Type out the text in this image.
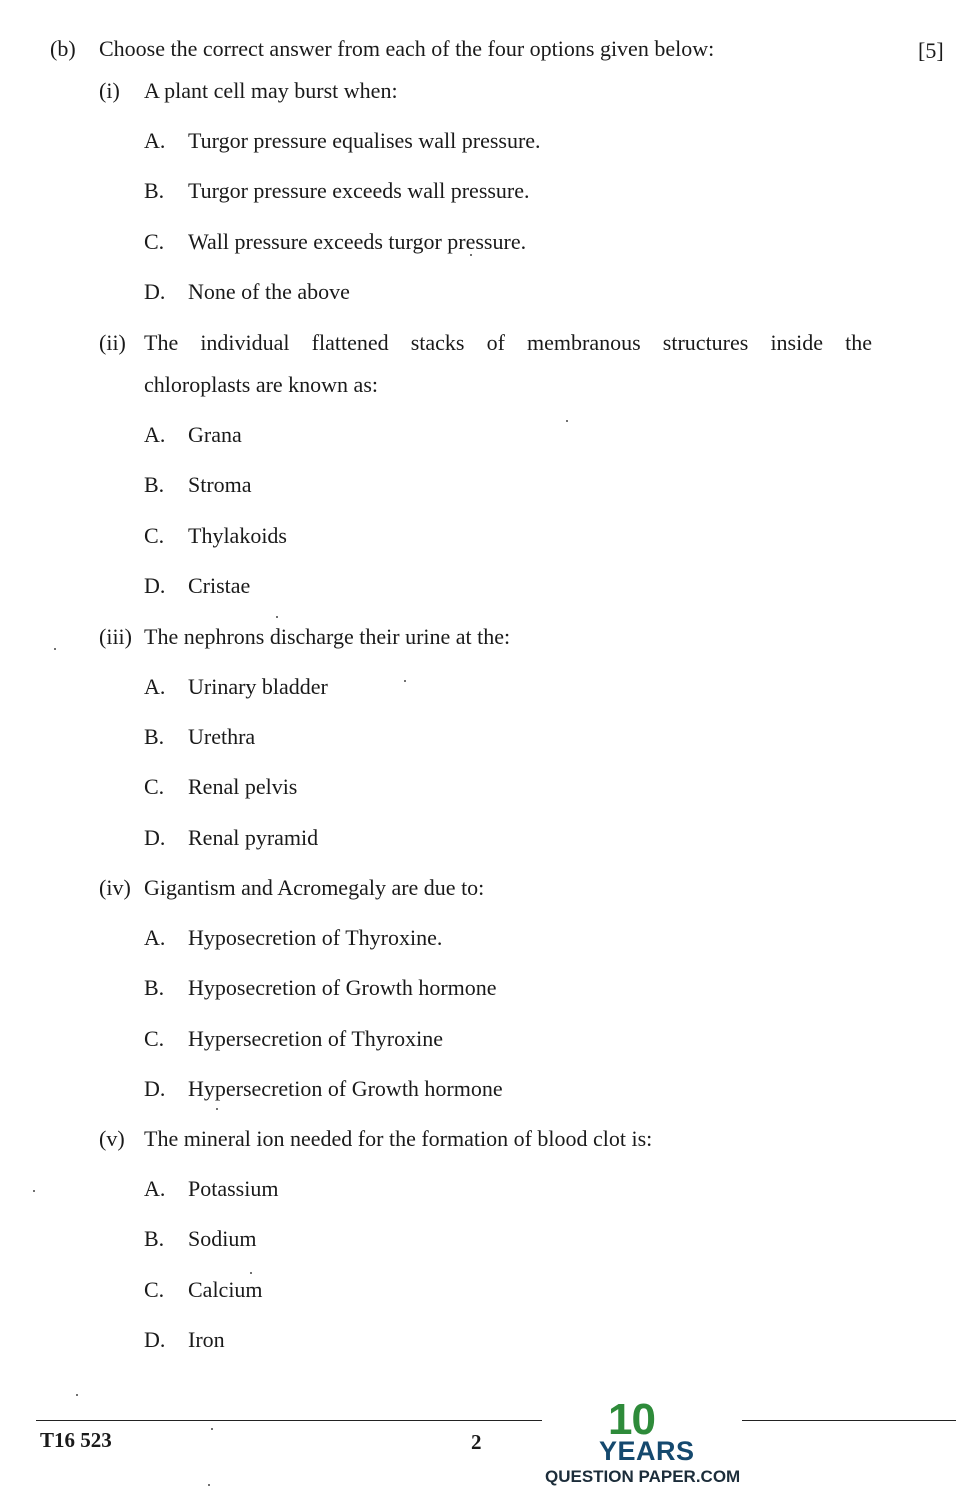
(b) Choose the correct answer from each of the four options given below:	[5]
(i) A plant cell may burst when:
A. Turgor pressure equalises wall pressure.
B. Turgor pressure exceeds wall pressure.
C. Wall pressure exceeds turgor pressure.
D. None of the above
(ii) The individual flattened stacks of membranous structures inside the
chloroplasts are known as:
A. Grana
B. Stroma
C. Thylakoids
D. Cristae
(iii) The nephrons discharge their urine at the:
A. Urinary bladder
B. Urethra
C. Renal pelvis
D. Renal pyramid
(iv) Gigantism and Acromegaly are due to:
A. Hyposecretion of Thyroxine.
B. Hyposecretion of Growth hormone
C. Hypersecretion of Thyroxine
D. Hypersecretion of Growth hormone
(v) The mineral ion needed for the formation of blood clot is:
A. Potassium
B. Sodium
C. Calcium
D. Iron
T16 523	2	10
YEARS
QUESTION PAPER.COM
